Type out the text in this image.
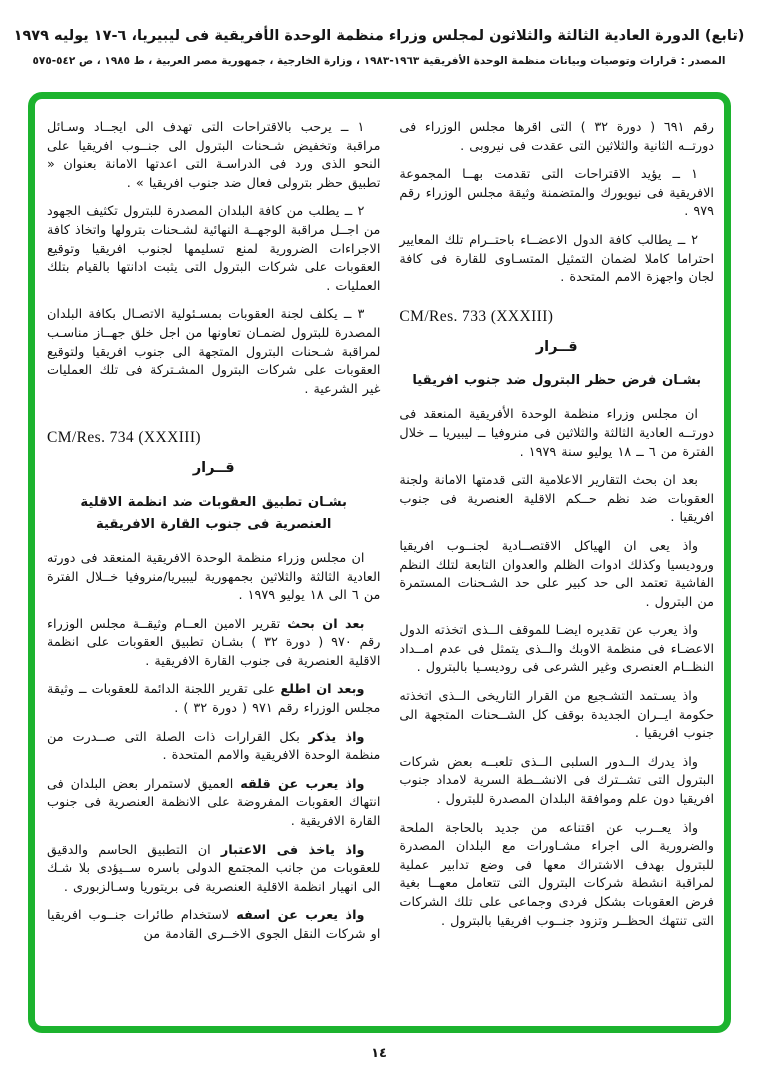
(تابع) الدورة العادية الثالثة والثلاثون لمجلس وزراء منظمة الوحدة الأفريقية فى ليبيريا، ٦-١٧ يوليه ١٩٧٩
المصدر : قرارات وتوصيات وبيانات منظمة الوحدة الأفريقية ١٩٦٣-١٩٨٣ ، وزارة الخارجية ، جمهورية مصر العربية ، ط ١٩٨٥ ، ص ٥٤٢-٥٧٥
رقم ٦٩١ ( دورة ٣٢ ) التى اقرها مجلس الوزراء فى دورتــه الثانية والثلاثين التى عقدت فى نيروبى .
١ ــ يؤيد الاقتراحات التى تقدمت بهــا المجموعة الافريقية فى نيويورك والمتضمنة وثيقة مجلس الوزراء رقم ٩٧٩ .
٢ ــ يطالب كافة الدول الاعضــاء باحتــرام تلك المعايير احتراما كاملا لضمان التمثيل المتسـاوى للقارة فى كافة لجان واجهزة الامم المتحدة .
CM/Res. 733 (XXXIII)
قــرار
بشـان فرض حظر البترول ضد جنوب افريقيا
ان مجلس وزراء منظمة الوحدة الأفريقية المنعقد فى دورتــه العادية الثالثة والثلاثين فى منروفيا ــ ليبيريا ــ خلال الفترة من ٦ ــ ١٨ يوليو سنة ١٩٧٩ .
بعد ان بحث التقارير الاعلامية التى قدمتها الامانة ولجنة العقوبات ضد نظم حــكم الاقلية العنصرية فى جنوب افريقيا .
واذ يعى ان الهياكل الاقتصــادية لجنــوب افريقيا وروديسيا وكذلك ادوات الظلم والعدوان التابعة لتلك النظم الفاشية تعتمد الى حد كبير على حد الشـحنات المستمرة من البترول .
واذ يعرب عن تقديره ايضـا للموقف الــذى اتخذته الدول الاعضـاء فى منظمة الاوبك والــذى يتمثل فى عدم امــداد النظــام العنصرى وغير الشرعى فى روديسـيا بالبترول .
واذ يسـتمد التشـجيع من القرار التاريخى الــذى اتخذته حكومة ايــران الجديدة بوقف كل الشــحنات المتجهة الى جنوب افريقيا .
واذ يدرك الــدور السلبى الــذى تلعبــه بعض شركات البترول التى تشــترك فى الانشــطة السرية لامداد جنوب افريقيا دون علم وموافقة البلدان المصدرة للبترول .
واذ يعــرب عن اقتناعه من جديد بالحاجة الملحة والضرورية الى اجراء مشـاورات مع البلدان المصدرة للبترول بهدف الاشتراك معها فى وضع تدابير عملية لمراقبة انشطة شركات البترول التى تتعامل معهــا بغية فرض العقوبات بشكل فردى وجماعى على تلك الشركات التى تنتهك الحظــر وتزود جنــوب افريقيا بالبترول .
١ ــ يرحب بالاقتراحات التى تهدف الى ايجــاد وسـائل مراقبة وتخفيض شـحنات البترول الى جنــوب افريقيا على النحو الذى ورد فى الدراسـة التى اعدتها الامانة بعنوان « تطبيق حظر بترولى فعال ضد جنوب افريقيا » .
٢ ــ يطلب من كافة البلدان المصدرة للبترول تكثيف الجهود من اجــل مراقبة الوجهــة النهائية لشـحنات بترولها واتخاذ كافة الاجراءات الضرورية لمنع تسليمها لجنوب افريقيا وتوقيع العقوبات على شركات البترول التى يثبت ادانتها بالقيام بتلك العمليات .
٣ ــ يكلف لجنة العقوبات بمسـئولية الاتصـال بكافة البلدان المصدرة للبترول لضمـان تعاونها من اجل خلق جهــاز مناسـب لمراقبة شـحنات البترول المتجهة الى جنوب افريقيا ولتوقيع العقوبات على شركات البترول المشـتركة فى تلك العمليات غير الشرعية .
CM/Res. 734 (XXXIII)
قــرار
بشـان تطبيق العقوبات ضد انظمة الاقلية
العنصرية فى جنوب القارة الافريقية
ان مجلس وزراء منظمة الوحدة الافريقية المنعقد فى دورته العادية الثالثة والثلاثين بجمهورية ليبيريا/منروفيا خــلال الفترة من ٦ الى ١٨ يوليو ١٩٧٩ .
بعد ان بحث تقرير الامين العــام وثيقــة مجلس الوزراء رقم ٩٧٠ ( دورة ٣٢ ) بشـان تطبيق العقوبات على انظمة الاقلية العنصرية فى جنوب القارة الافريقية .
وبعد ان اطلع على تقرير اللجنة الدائمة للعقوبات ــ وثيقة مجلس الوزراء رقم ٩٧١ ( دورة ٣٢ ) .
واذ يذكر بكل القرارات ذات الصلة التى صــدرت من منظمة الوحدة الافريقية والامم المتحدة .
واذ يعرب عن قلقه العميق لاستمرار بعض البلدان فى انتهاك العقوبات المفروضة على الانظمة العنصرية فى جنوب القارة الافريقية .
واذ ياخذ فى الاعتبار ان التطبيق الحاسم والدقيق للعقوبات من جانب المجتمع الدولى باسره ســيؤدى بلا شـك الى انهيار انظمة الاقلية العنصرية فى بريتوريا وسـالزبورى .
واذ يعرب عن اسفه لاستخدام طائرات جنــوب افريقيا او شركات النقل الجوى الاخــرى القادمة من
١٤
